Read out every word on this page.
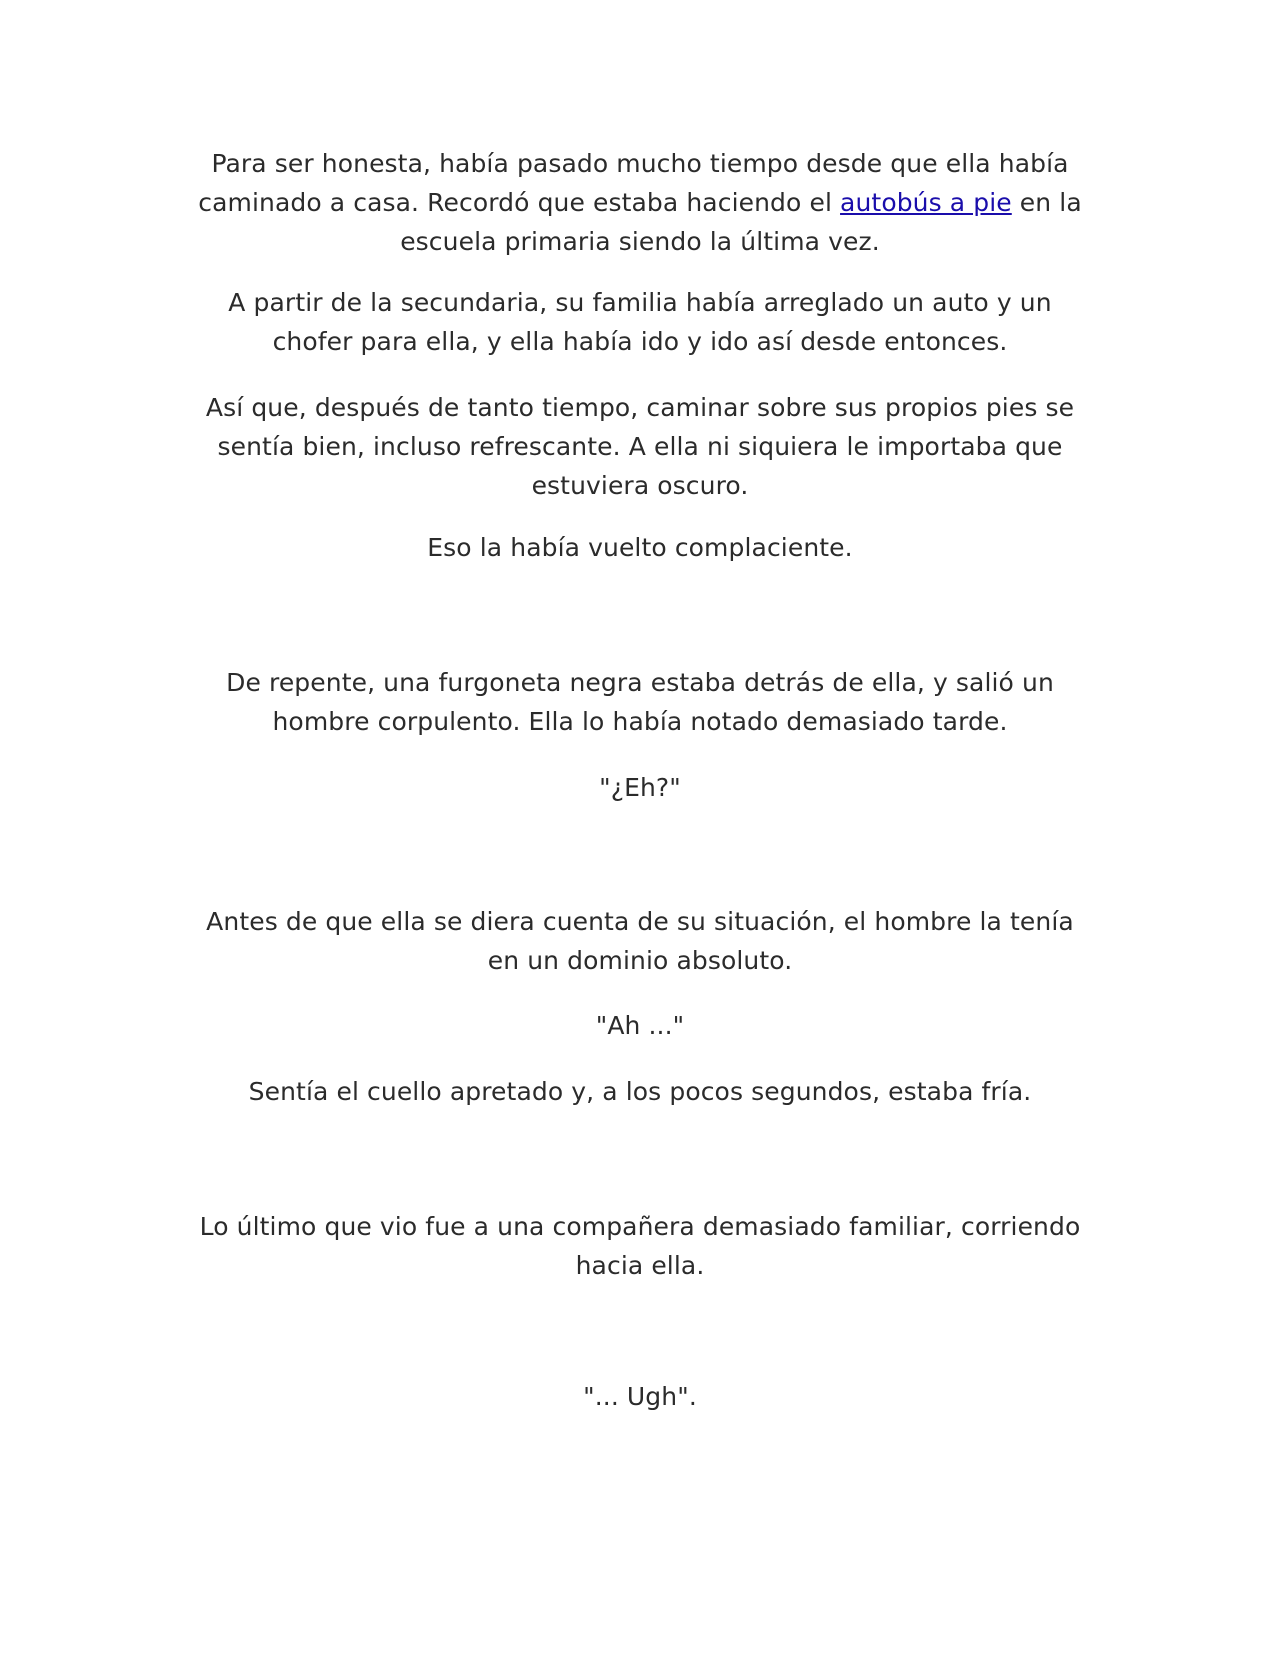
Para ser honesta, había pasado mucho tiempo desde que ella había caminado a casa. Recordó que estaba haciendo el autobús a pie en la escuela primaria siendo la última vez.

A partir de la secundaria, su familia había arreglado un auto y un chofer para ella, y ella había ido y ido así desde entonces.

Así que, después de tanto tiempo, caminar sobre sus propios pies se sentía bien, incluso refrescante. A ella ni siquiera le importaba que estuviera oscuro.

Eso la había vuelto complaciente.

De repente, una furgoneta negra estaba detrás de ella, y salió un hombre corpulento. Ella lo había notado demasiado tarde.

"¿Eh?"

Antes de que ella se diera cuenta de su situación, el hombre la tenía en un dominio absoluto.

"Ah ..."

Sentía el cuello apretado y, a los pocos segundos, estaba fría.

Lo último que vio fue a una compañera demasiado familiar, corriendo hacia ella.

"... Ugh".
